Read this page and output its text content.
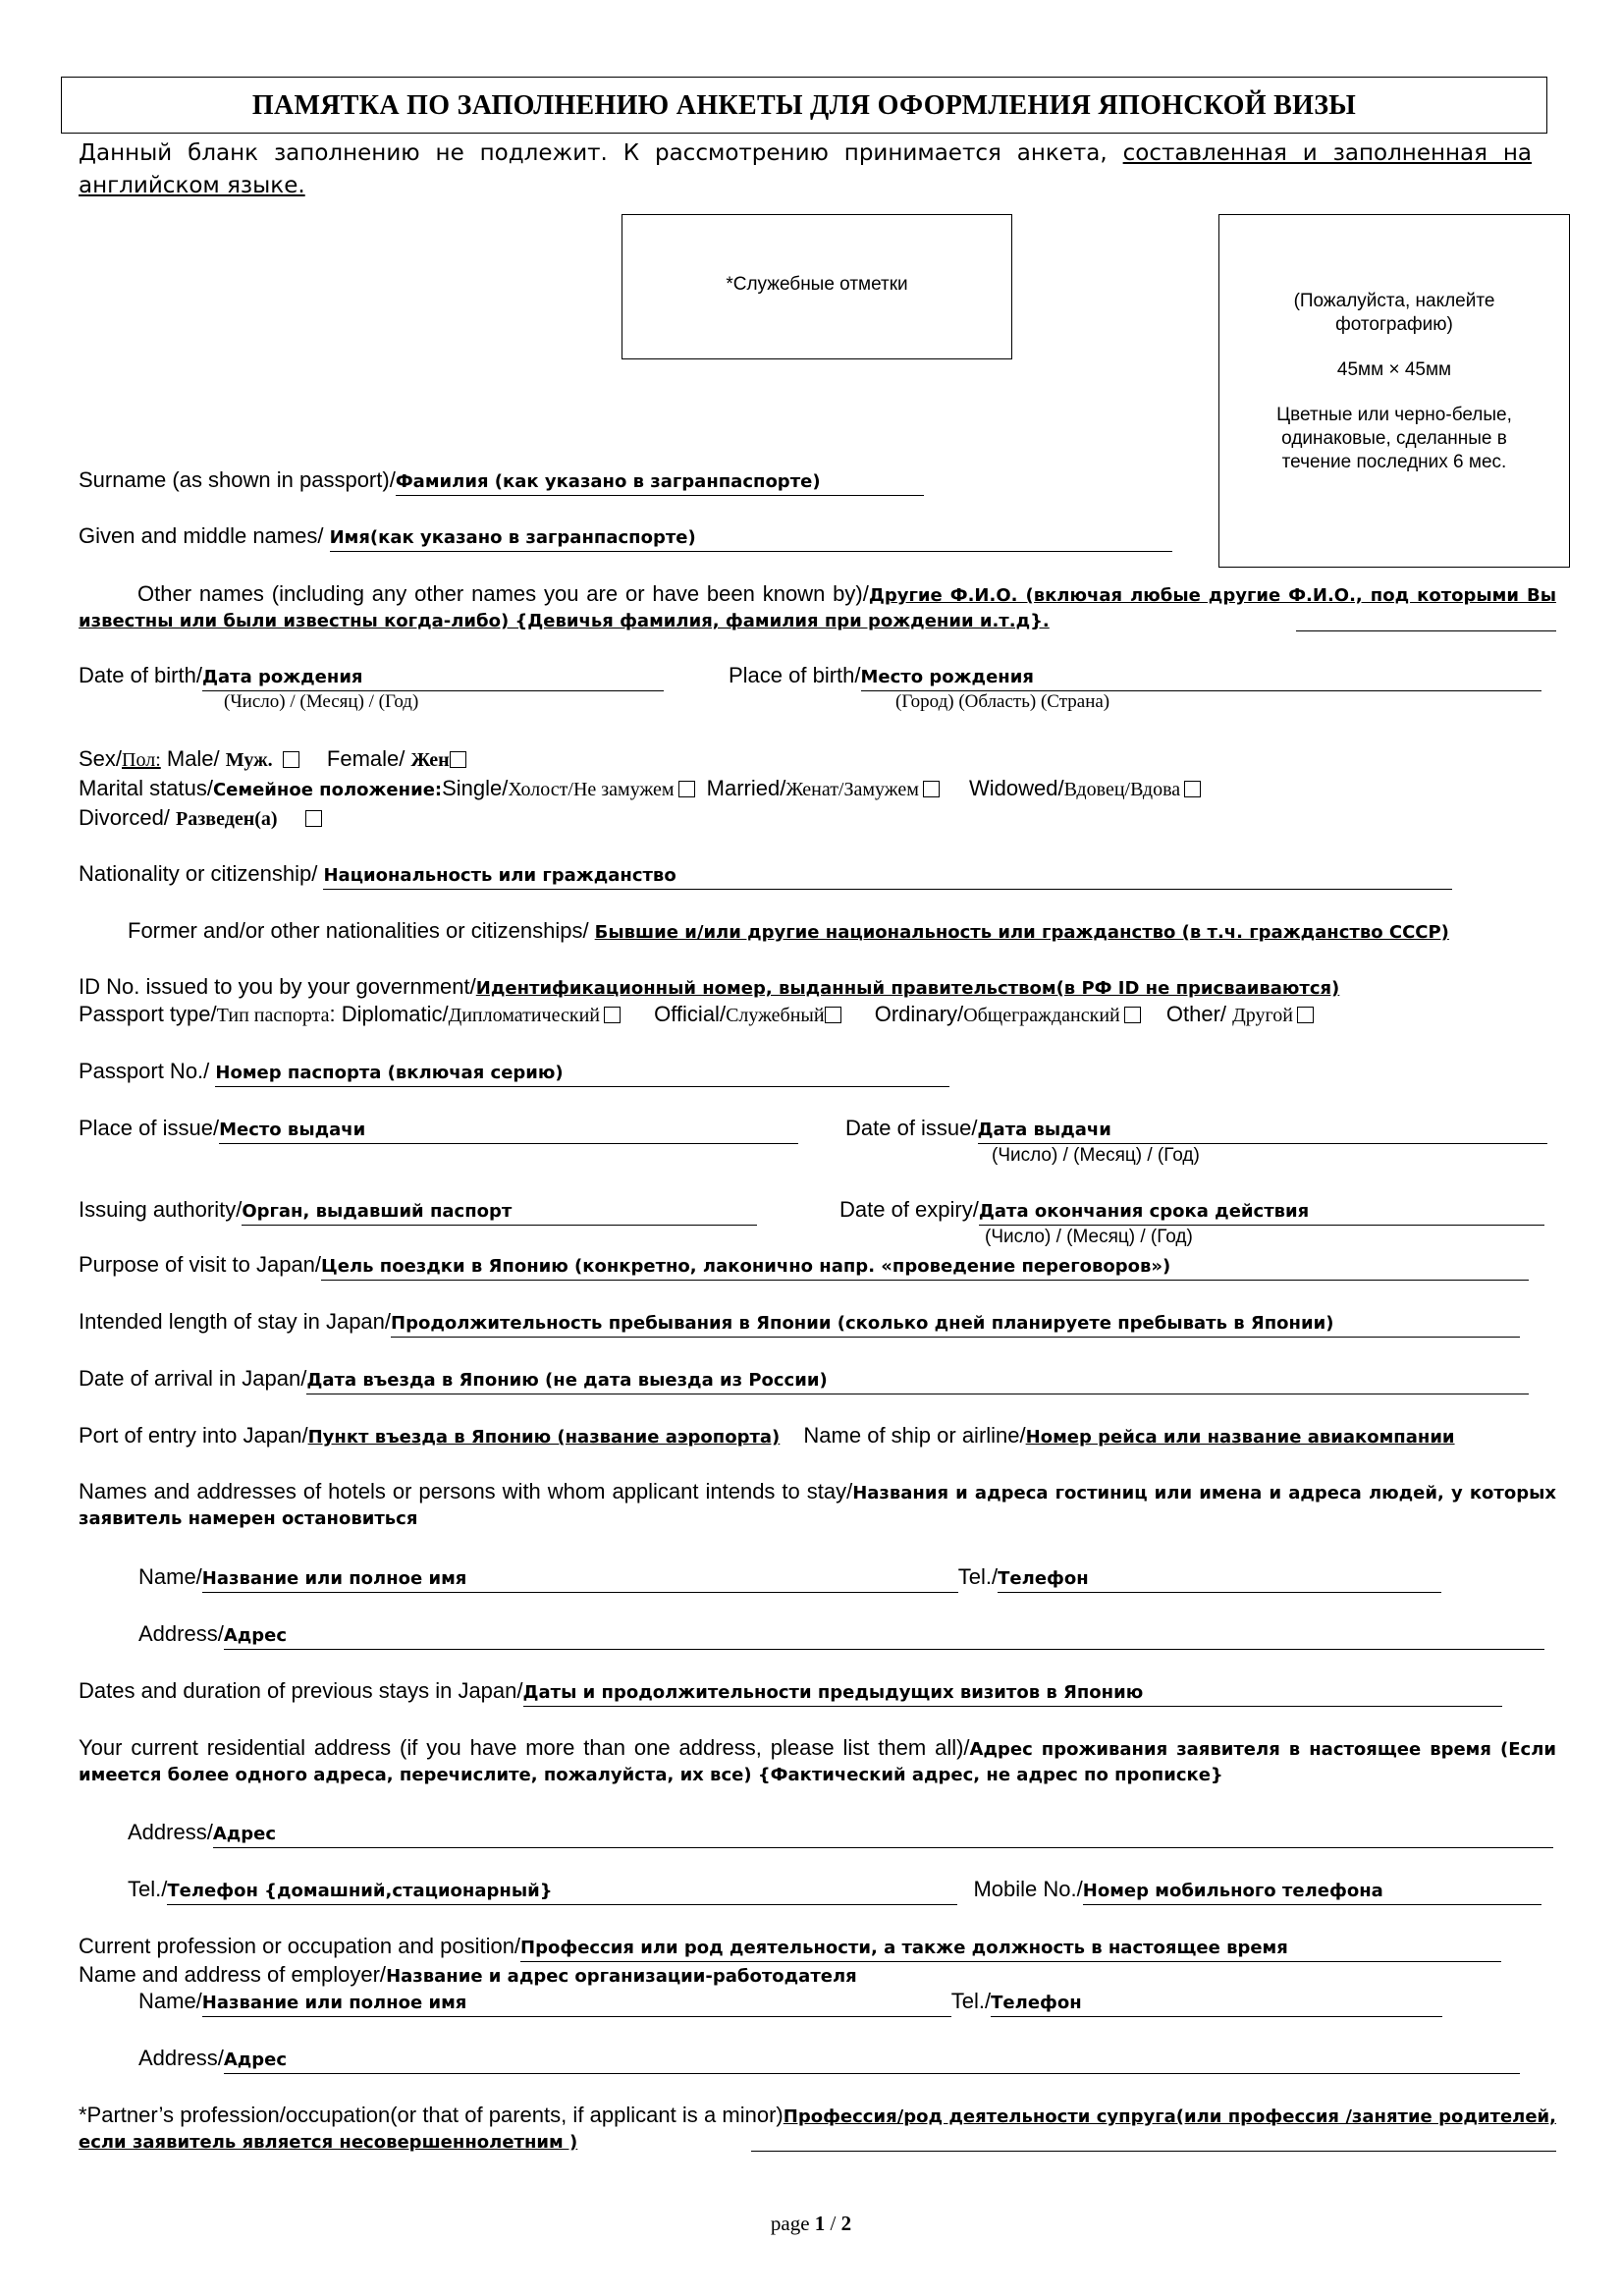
ПАМЯТКА ПО ЗАПОЛНЕНИЮ АНКЕТЫ ДЛЯ ОФОРМЛЕНИЯ ЯПОНСКОЙ ВИЗЫ
Данный бланк заполнению не подлежит. К рассмотрению принимается анкета, составленная и заполненная на английском языке.
*Служебные отметки
(Пожалуйста, наклейте фотографию)
45мм × 45мм
Цветные или черно-белые, одинаковые, сделанные в течение последних 6 мес.
Surname (as shown in passport)/Фамилия (как указано в загранпаспорте)
Given and middle names/ Имя(как указано в загранпаспорте)
Other names (including any other names you are or have been known by)/Другие Ф.И.О. (включая любые другие Ф.И.О., под которыми Вы известны или были известны когда-либо) {Девичья фамилия, фамилия при рождении и.т.д}.
Date of birth/Дата рождения
(Число) / (Месяц) / (Год)
Place of birth/Место рождения
(Город) (Область) (Страна)
Sex/Пол: Male/ Муж.	Female/ Жен
Marital status/Семейное положение:Single/Холост/Не замужем Married/Женат/Замужем Widowed/Вдовец/Вдова
Divorced/ Разведен(а)
Nationality or citizenship/ Национальность или гражданство
Former and/or other nationalities or citizenships/ Бывшие и/или другие национальность или гражданство (в т.ч. гражданство СССР)
ID No. issued to you by your government/Идентификационный номер, выданный правительством(в РФ ID не присваиваются)
Passport type/Тип паспорта: Diplomatic/Дипломатический	Official/Служебный Ordinary/Общегражданский Other/ Другой
Passport No./ Номер паспорта (включая серию)
Place of issue/Место выдачи	Date of issue/Дата выдачи
(Число) / (Месяц) / (Год)
Issuing authority/Орган, выдавший паспорт	Date of expiry/Дата окончания срока действия
(Число) / (Месяц) / (Год)
Purpose of visit to Japan/Цель поездки в Японию (конкретно, лаконично напр. «проведение переговоров»)
Intended length of stay in Japan/Продолжительность пребывания в Японии (сколько дней планируете пребывать в Японии)
Date of arrival in Japan/Дата въезда в Японию (не дата выезда из России)
Port of entry into Japan/Пункт въезда в Японию (название аэропорта) Name of ship or airline/Номер рейса или название авиакомпании
Names and addresses of hotels or persons with whom applicant intends to stay/Названия и адреса гостиниц или имена и адреса людей, у которых заявитель намерен остановиться
Name/Название или полное имя	Tel./Телефон
Address/Адрес
Dates and duration of previous stays in Japan/Даты и продолжительности предыдущих визитов в Японию
Your current residential address (if you have more than one address, please list them all)/Адрес проживания заявителя в настоящее время (Если имеется более одного адреса, перечислите, пожалуйста, их все) {Фактический адрес, не адрес по прописке}
Address/Адрес
Tel./Телефон {домашний,стационарный}	Mobile No./Номер мобильного телефона
Current profession or occupation and position/Профессия или род деятельности, а также должность в настоящее время
Name and address of employer/Название и адрес организации-работодателя
Name/Название или полное имя	Tel./Телефон
Address/Адрес
*Partner’s profession/occupation(or that of parents, if applicant is a minor)Профессия/род деятельности супруга(или профессия /занятие родителей, если заявитель является несовершеннолетним )
page 1 / 2
